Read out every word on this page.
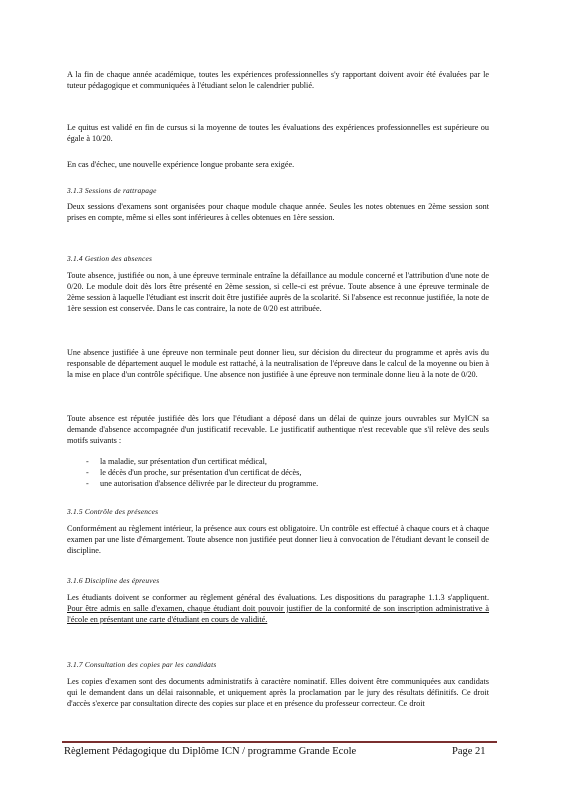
A la fin de chaque année académique, toutes les expériences professionnelles s'y rapportant doivent avoir été évaluées par le tuteur pédagogique et communiquées à l'étudiant selon le calendrier publié.

Le quitus est validé en fin de cursus si la moyenne de toutes les évaluations des expériences professionnelles est supérieure ou égale à 10/20.

En cas d'échec, une nouvelle expérience longue probante sera exigée.

3.1.3 Sessions de rattrapage

Deux sessions d'examens sont organisées pour chaque module chaque année. Seules les notes obtenues en 2ème session sont prises en compte, même si elles sont inférieures à celles obtenues en 1ère session.

3.1.4 Gestion des absences

Toute absence, justifiée ou non, à une épreuve terminale entraîne la défaillance au module concerné et l'attribution d'une note de 0/20. Le module doit dès lors être présenté en 2ème session, si celle-ci est prévue. Toute absence à une épreuve terminale de 2ème session à laquelle l'étudiant est inscrit doit être justifiée auprès de la scolarité. Si l'absence est reconnue justifiée, la note de 1ère session est conservée. Dans le cas contraire, la note de 0/20 est attribuée.

Une absence justifiée à une épreuve non terminale peut donner lieu, sur décision du directeur du programme et après avis du responsable de département auquel le module est rattaché, à la neutralisation de l'épreuve dans le calcul de la moyenne ou bien à la mise en place d'un contrôle spécifique. Une absence non justifiée à une épreuve non terminale donne lieu à la note de 0/20.

Toute absence est réputée justifiée dès lors que l'étudiant a déposé dans un délai de quinze jours ouvrables sur MyICN sa demande d'absence accompagnée d'un justificatif recevable. Le justificatif authentique n'est recevable que s'il relève des seuls motifs suivants :

- la maladie, sur présentation d'un certificat médical,
- le décès d'un proche, sur présentation d'un certificat de décès,
- une autorisation d'absence délivrée par le directeur du programme.

3.1.5 Contrôle des présences

Conformément au règlement intérieur, la présence aux cours est obligatoire. Un contrôle est effectué à chaque cours et à chaque examen par une liste d'émargement. Toute absence non justifiée peut donner lieu à convocation de l'étudiant devant le conseil de discipline.

3.1.6 Discipline des épreuves

Les étudiants doivent se conformer au règlement général des évaluations. Les dispositions du paragraphe 1.1.3 s'appliquent. Pour être admis en salle d'examen, chaque étudiant doit pouvoir justifier de la conformité de son inscription administrative à l'école en présentant une carte d'étudiant en cours de validité.

3.1.7 Consultation des copies par les candidats

Les copies d'examen sont des documents administratifs à caractère nominatif. Elles doivent être communiquées aux candidats qui le demandent dans un délai raisonnable, et uniquement après la proclamation par le jury des résultats définitifs. Ce droit d'accès s'exerce par consultation directe des copies sur place et en présence du professeur correcteur. Ce droit

Règlement Pédagogique du Diplôme ICN / programme Grande Ecole	Page 21
